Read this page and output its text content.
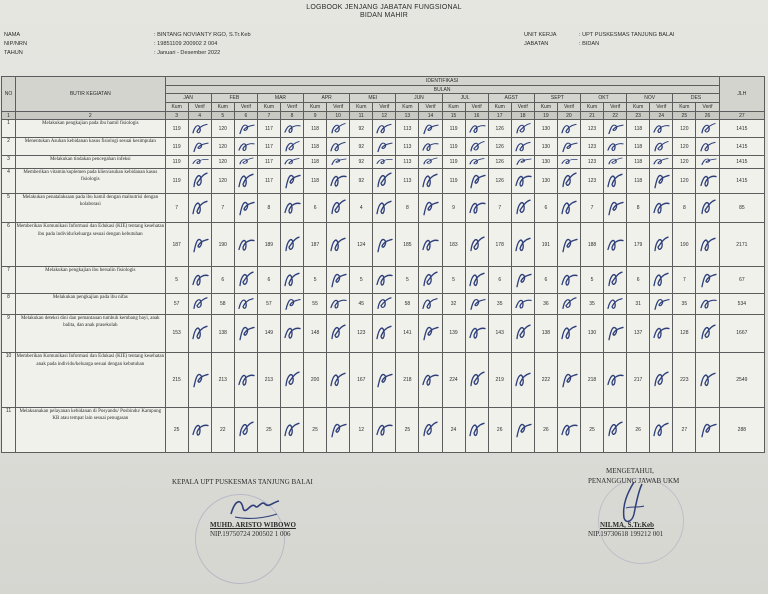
LOGBOOK JENJANG JABATAN FUNGSIONAL
BIDAN MAHIR
NAMA	: BINTANG NOVIANTY RGO, S.Tr.Keb
NIP/NRN	: 19851109 200902 2 004
TAHUN	: Januari - Desember 2022
UNIT KERJA	: UPT PUSKESMAS TANJUNG BALAI
JABATAN	: BIDAN
NO	BUTIR KEGIATAN	IDENTIFIKASI																								JLH
		BULAN																								
		JAN		FEB		MAR		APR		MEI		JUN		JUL		AGST		SEPT		OKT		NOV		DES		
		Kum	Verif	Kum	Verif	Kum	Verif	Kum	Verif	Kum	Verif	Kum	Verif	Kum	Verif	Kum	Verif	Kum	Verif	Kum	Verif	Kum	Verif	Kum	Verif	
1	2	3	4	5	6	7	8	9	10	11	12	13	14	15	16	17	18	19	20	21	22	23	24	25	26	27
1	Melakukan pengkajian pada ibu hamil fisiologis	119		120		117		118		92		113		119		126		130		123		118		120		1415
2	Menentukan Asuhan kebidanan kasus fisiologi sesuai kesimpulan	119		120		117		118		92		113		119		126		130		123		118		120		1415
3	Melakukan tindakan pencegahan infeksi	119		120		117		118		92		113		119		126		130		123		118		120		1415
4	Memberikan vitamin/suplemen pada klien/asuhan kebidanan kasus fisiologis	119		120		117		118		92		113		119		126		130		123		118		120		1415
5	Melakukan penatalaksaan pada ibu hamil dengan malnutrisi dengan kolaborasi	7		7		8		6		4		8		9		7		6		7		8		8		85
6	Memberikan Komunikasi Informasi dan Edukasi (KIE) tentang kesehatan ibu pada individu/keluarga sesuai dengan kebutuhan	187		190		189		187		124		185		183		178		191		188		179		190		2171
7	Melakukan pengkajian ibu bersalin fisiologis	5		6		6		5		5		5		5		6		6		5		6		7		67
8	Melakukan pengkajian pada ibu nifas	57		58		57		55		45		58		32		35		36		35		31		35		534
9	Melakukan deteksi dini dan pemantauan tumbuh kembang bayi, anak balita, dan anak prasekolah	153		138		149		148		123		141		139		143		138		130		137		128		1667
10	Memberikan Komunikasi Informasi dan Edukasi (KIE) tentang kesehatan anak pada individu/keluarga sesuai dengan kebutuhan	215		213		213		200		167		218		224		219		222		218		217		223		2549
11	Melaksanakan pelayanan kebidanan di Posyandu/ Posbindu/ Kampung KB atau tempat lain sesuai penugasan	25		22		25		25		12		25		24		26		26		25		26		27		288
KEPALA UPT PUSKESMAS TANJUNG BALAI
MUHD. ARISTO WIBOWO
NIP.19750724 200502 1 006
MENGETAHUI,
PENANGGUNG JAWAB UKM
NILMA, S.Tr.Keb
NIP.19730618 199212 001
